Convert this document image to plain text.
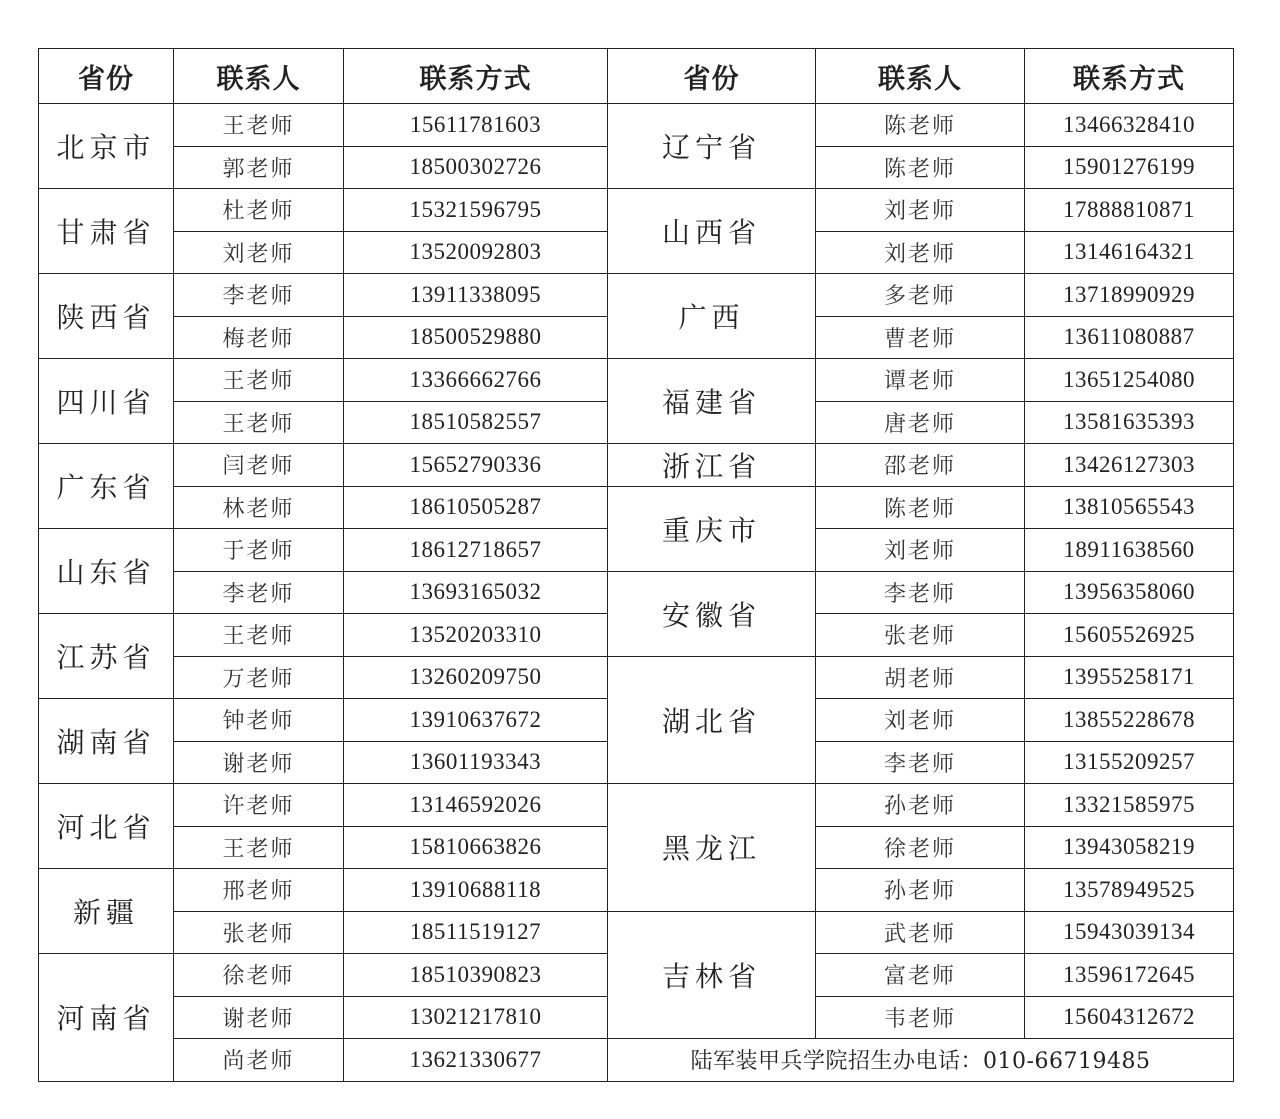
省份	联系人	联系方式	省份	联系人	联系方式
北京市	王老师	15611781603	辽宁省	陈老师	13466328410
	郭老师	18500302726		陈老师	15901276199
甘肃省	杜老师	15321596795	山西省	刘老师	17888810871
	刘老师	13520092803		刘老师	13146164321
陕西省	李老师	13911338095	广西	多老师	13718990929
	梅老师	18500529880		曹老师	13611080887
四川省	王老师	13366662766	福建省	谭老师	13651254080
	王老师	18510582557		唐老师	13581635393
广东省	闫老师	15652790336	浙江省	邵老师	13426127303
	林老师	18610505287	重庆市	陈老师	13810565543
山东省	于老师	18612718657		刘老师	18911638560
	李老师	13693165032	安徽省	李老师	13956358060
江苏省	王老师	13520203310		张老师	15605526925
	万老师	13260209750	湖北省	胡老师	13955258171
湖南省	钟老师	13910637672		刘老师	13855228678
	谢老师	13601193343		李老师	13155209257
河北省	许老师	13146592026	黑龙江	孙老师	13321585975
	王老师	15810663826		徐老师	13943058219
新疆	邢老师	13910688118		孙老师	13578949525
	张老师	18511519127	吉林省	武老师	15943039134
河南省	徐老师	18510390823		富老师	13596172645
	谢老师	13021217810		韦老师	15604312672
	尚老师	13621330677	陆军装甲兵学院招生办电话：010-66719485		
